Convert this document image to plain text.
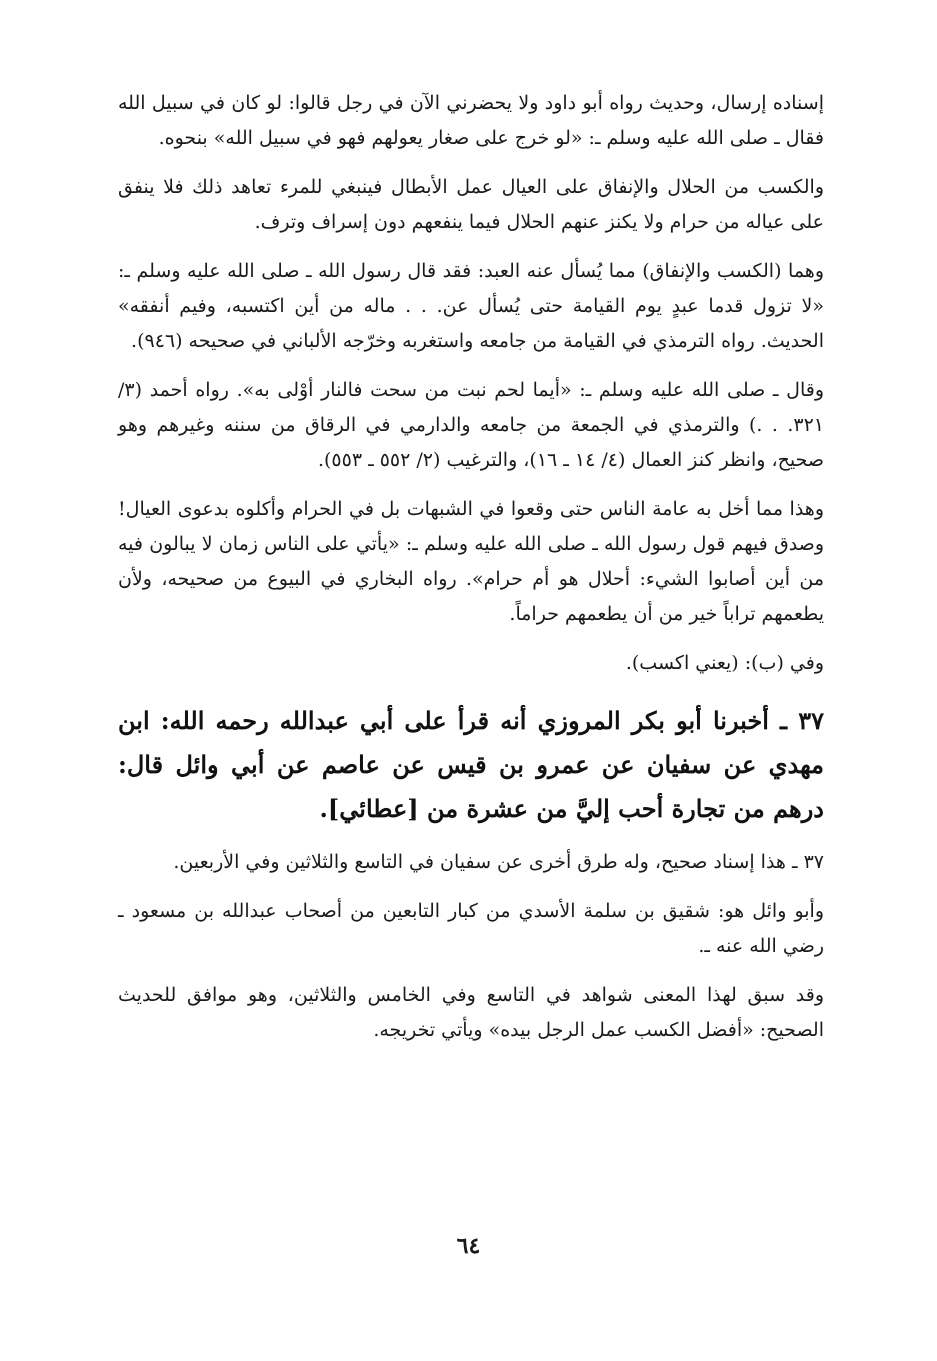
إسناده إرسال، وحديث رواه أبو داود ولا يحضرني الآن في رجل قالوا: لو كان في سبيل الله فقال ـ صلى الله عليه وسلم ـ: «لو خرج على صغار يعولهم فهو في سبيل الله» بنحوه.

والكسب من الحلال والإنفاق على العيال عمل الأبطال فينبغي للمرء تعاهد ذلك فلا ينفق على عياله من حرام ولا يكنز عنهم الحلال فيما ينفعهم دون إسراف وترف.

وهما (الكسب والإنفاق) مما يُسأل عنه العبد: فقد قال رسول الله ـ صلى الله عليه وسلم ـ: «لا تزول قدما عبدٍ يوم القيامة حتى يُسأل عن. . . ماله من أين اكتسبه، وفيم أنفقه» الحديث. رواه الترمذي في القيامة من جامعه واستغربه وخرّجه الألباني في صحيحه (٩٤٦).

وقال ـ صلى الله عليه وسلم ـ: «أيما لحم نبت من سحت فالنار أوْلى به». رواه أحمد (٣/ ٣٢١. . .) والترمذي في الجمعة من جامعه والدارمي في الرقاق من سننه وغيرهم وهو صحيح، وانظر كنز العمال (٤/ ١٤ ـ ١٦)، والترغيب (٢/ ٥٥٢ ـ ٥٥٣).

وهذا مما أخل به عامة الناس حتى وقعوا في الشبهات بل في الحرام وأكلوه بدعوى العيال! وصدق فيهم قول رسول الله ـ صلى الله عليه وسلم ـ: «يأتي على الناس زمان لا يبالون فيه من أين أصابوا الشيء: أحلال هو أم حرام». رواه البخاري في البيوع من صحيحه، ولأن يطعمهم تراباً خير من أن يطعمهم حراماً.

وفي (ب): (يعني اكسب).

٣٧ ـ أخبرنا أبو بكر المروزي أنه قرأ على أبي عبدالله رحمه الله: ابن مهدي عن سفيان عن عمرو بن قيس عن عاصم عن أبي وائل قال: درهم من تجارة أحب إليَّ من عشرة من [عطائي].

٣٧ ـ هذا إسناد صحيح، وله طرق أخرى عن سفيان في التاسع والثلاثين وفي الأربعين.

وأبو وائل هو: شقيق بن سلمة الأسدي من كبار التابعين من أصحاب عبدالله بن مسعود ـ رضي الله عنه ـ.

وقد سبق لهذا المعنى شواهد في التاسع وفي الخامس والثلاثين، وهو موافق للحديث الصحيح: «أفضل الكسب عمل الرجل بيده» ويأتي تخريجه.

٦٤
